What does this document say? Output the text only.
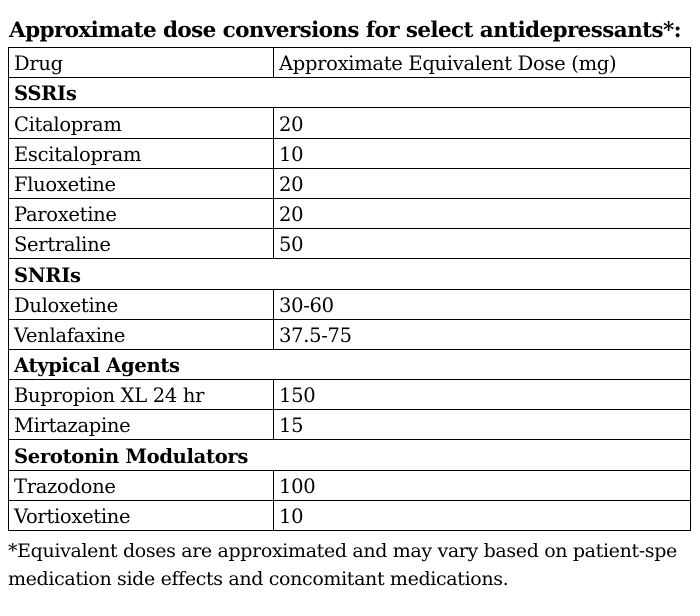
Approximate dose conversions for select antidepressants*:
Drug	Approximate Equivalent Dose (mg)
SSRIs	
Citalopram	20
Escitalopram	10
Fluoxetine	20
Paroxetine	20
Sertraline	50
SNRIs	
Duloxetine	30-60
Venlafaxine	37.5-75
Atypical Agents	
Bupropion XL 24 hr	150
Mirtazapine	15
Serotonin Modulators	
Trazodone	100
Vortioxetine	10
*Equivalent doses are approximated and may vary based on patient-spe
medication side effects and concomitant medications.
